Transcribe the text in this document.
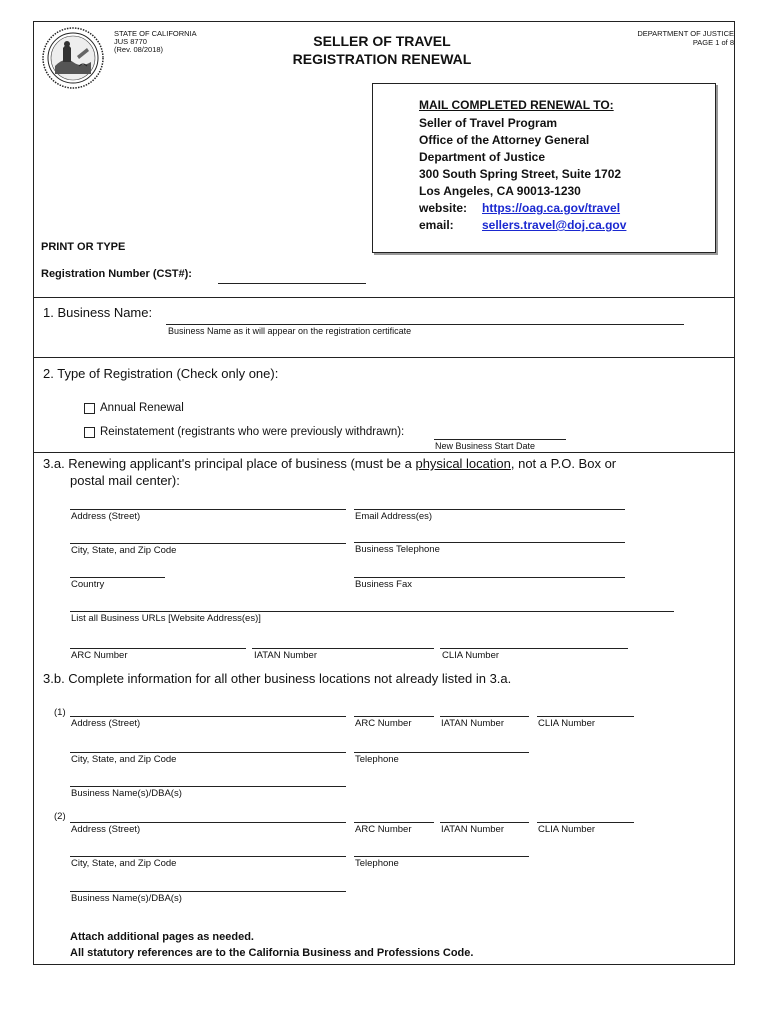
STATE OF CALIFORNIA
JUS 8770
(Rev. 08/2018)
SELLER OF TRAVEL
REGISTRATION RENEWAL
DEPARTMENT OF JUSTICE
PAGE 1 of 8
MAIL COMPLETED RENEWAL TO:
Seller of Travel Program
Office of the Attorney General
Department of Justice
300 South Spring Street, Suite 1702
Los Angeles, CA 90013-1230
website: https://oag.ca.gov/travel
email: sellers.travel@doj.ca.gov
PRINT OR TYPE
Registration Number (CST#):
1. Business Name:
Business Name as it will appear on the registration certificate
2. Type of Registration (Check only one):
Annual Renewal
Reinstatement (registrants who were previously withdrawn):
New Business Start Date
3.a. Renewing applicant's principal place of business (must be a physical location, not a P.O. Box or
postal mail center):
Address (Street)	Email Address(es)
City, State, and Zip Code	Business Telephone
Country	Business Fax
List all Business URLs [Website Address(es)]
ARC Number	IATAN Number	CLIA Number
3.b. Complete information for all other business locations not already listed in 3.a.
(1)
Address (Street)	ARC Number	IATAN Number	CLIA Number
City, State, and Zip Code	Telephone
Business Name(s)/DBA(s)
(2)
Address (Street)	ARC Number	IATAN Number	CLIA Number
City, State, and Zip Code	Telephone
Business Name(s)/DBA(s)
Attach additional pages as needed.
All statutory references are to the California Business and Professions Code.
